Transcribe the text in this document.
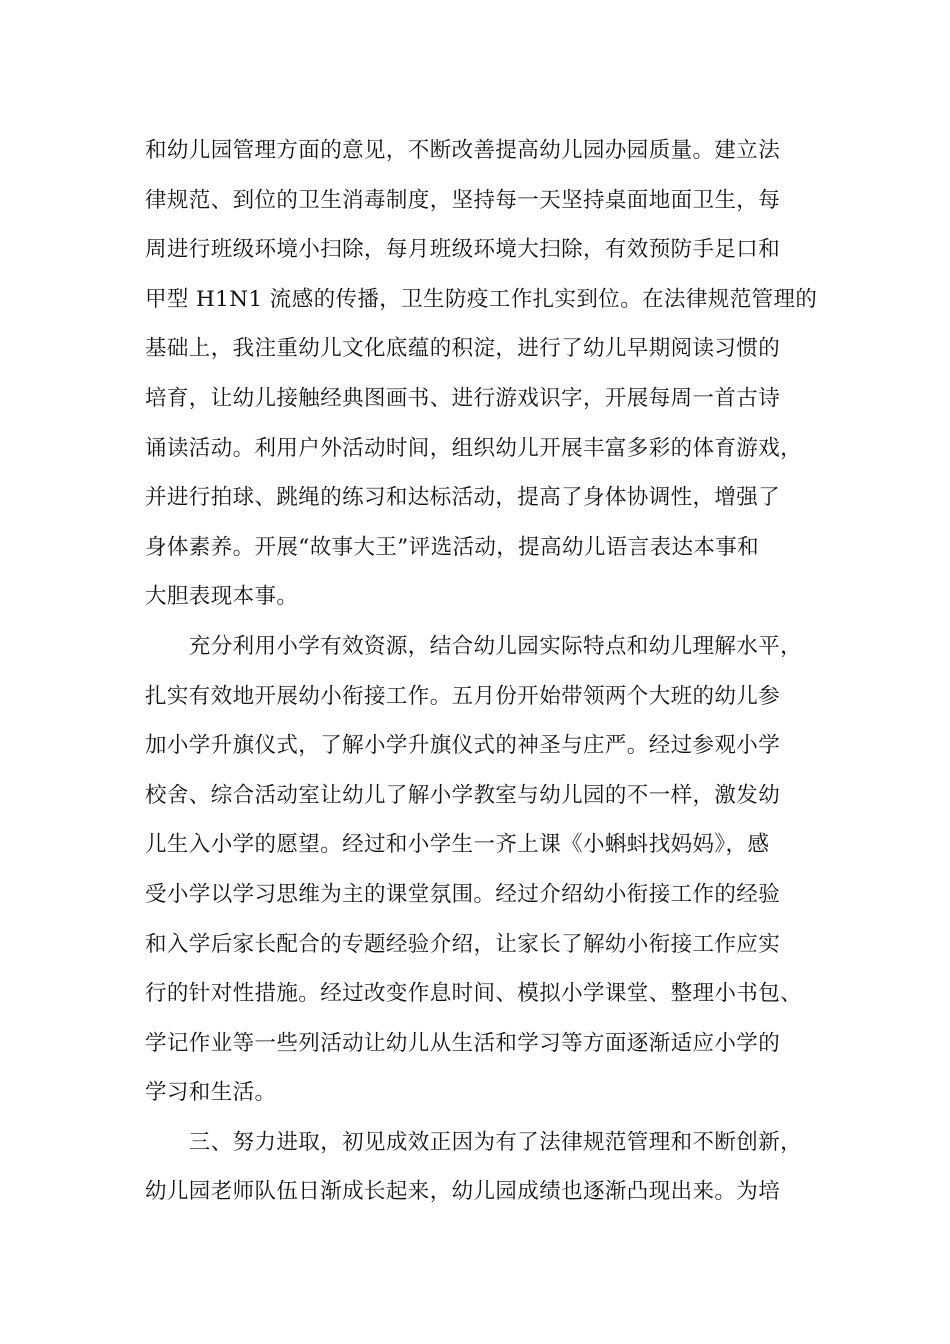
和幼儿园管理方面的意见，不断改善提高幼儿园办园质量。建立法
律规范、到位的卫生消毒制度，坚持每一天坚持桌面地面卫生，每
周进行班级环境小扫除，每月班级环境大扫除，有效预防手足口和
甲型 H1N1 流感的传播，卫生防疫工作扎实到位。在法律规范管理的
基础上，我注重幼儿文化底蕴的积淀，进行了幼儿早期阅读习惯的
培育，让幼儿接触经典图画书、进行游戏识字，开展每周一首古诗
诵读活动。利用户外活动时间，组织幼儿开展丰富多彩的体育游戏，
并进行拍球、跳绳的练习和达标活动，提高了身体协调性，增强了
身体素养。开展“故事大王”评选活动，提高幼儿语言表达本事和
大胆表现本事。
　　充分利用小学有效资源，结合幼儿园实际特点和幼儿理解水平，
扎实有效地开展幼小衔接工作。五月份开始带领两个大班的幼儿参
加小学升旗仪式，了解小学升旗仪式的神圣与庄严。经过参观小学
校舍、综合活动室让幼儿了解小学教室与幼儿园的不一样，激发幼
儿生入小学的愿望。经过和小学生一齐上课《小蝌蚪找妈妈》，感
受小学以学习思维为主的课堂氛围。经过介绍幼小衔接工作的经验
和入学后家长配合的专题经验介绍，让家长了解幼小衔接工作应实
行的针对性措施。经过改变作息时间、模拟小学课堂、整理小书包、
学记作业等一些列活动让幼儿从生活和学习等方面逐渐适应小学的
学习和生活。
　　三、努力进取，初见成效正因为有了法律规范管理和不断创新，
幼儿园老师队伍日渐成长起来，幼儿园成绩也逐渐凸现出来。为培
